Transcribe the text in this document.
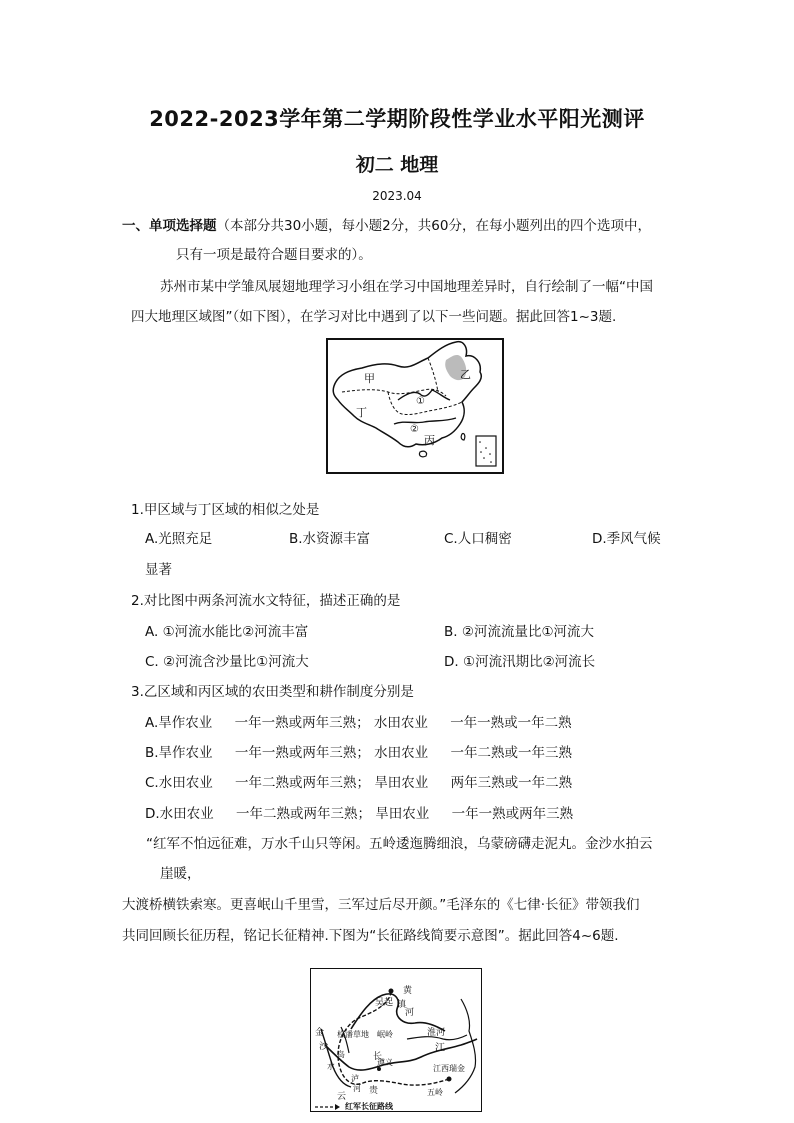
2022-2023学年第二学期阶段性学业水平阳光测评
初二 地理
2023.04
一、单项选择题（本部分共30小题，每小题2分，共60分，在每小题列出的四个选项中，
只有一项是最符合题目要求的）。
苏州市某中学雏凤展翅地理学习小组在学习中国地理差异时，自行绘制了一幅“中国
四大地理区域图”（如下图），在学习对比中遇到了以下一些问题。据此回答1~3题.
甲	乙
丙
丁
①
②
1.甲区域与丁区域的相似之处是
A.光照充足	B.水资源丰富	C.人口稠密	D.季风气候
显著
2.对比图中两条河流水文特征，描述正确的是
A. ①河流水能比②河流丰富	B. ②河流流量比①河流大
C. ②河流含沙量比①河流大	D. ①河流汛期比②河流长
3.乙区域和丙区域的农田类型和耕作制度分别是
A.旱作农业 一年一熟或两年三熟； 水田农业 一年一熟或一年二熟
B.旱作农业 一年一熟或两年三熟； 水田农业 一年二熟或一年三熟
C.水田农业 一年二熟或两年三熟； 旱田农业 两年三熟或一年二熟
D.水田农业 一年二熟或两年三熟； 旱田农业 一年一熟或两年三熟
“红军不怕远征难，万水千山只等闲。五岭逶迤腾细浪，乌蒙磅礴走泥丸。金沙水拍云
崖暖，
大渡桥横铁索寒。更喜岷山千里雪，三军过后尽开颜。”毛泽东的《七律·长征》带领我们
共同回顾长征历程，铭记长征精神.下图为“长征路线简要示意图”。据此回答4~6题.
吴起 镇
黄
河
淮河
金
沙
松潘草地
岛
岷岭
长
江
水	遵义
江西瑞金
泸
河
云
贵	五岭
红军长征路线
